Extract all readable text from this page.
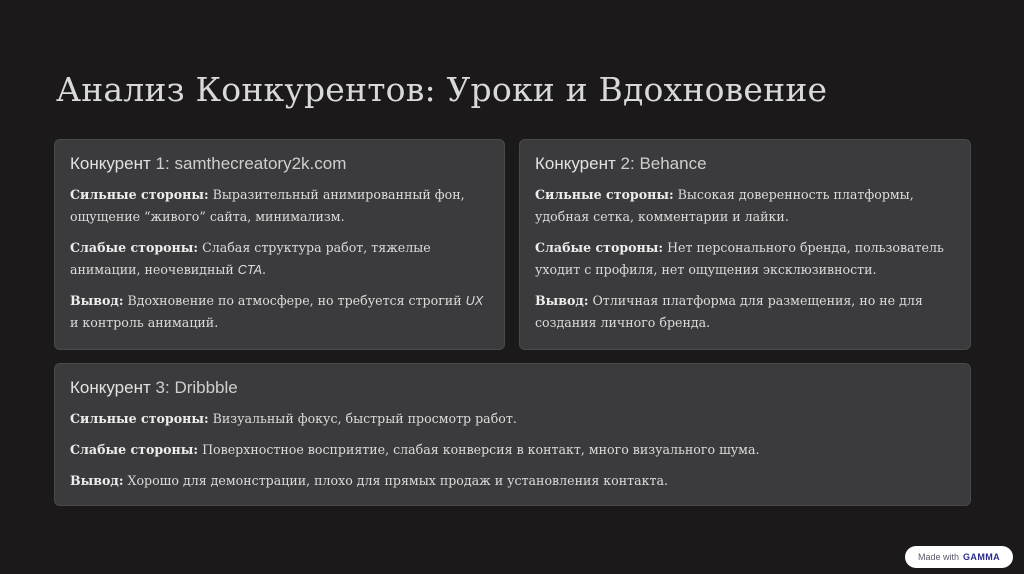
Анализ Конкурентов: Уроки и Вдохновение
Конкурент 1: samthecreatory2k.com

Сильные стороны: Выразительный анимированный фон, ощущение “живого” сайта, минимализм.

Слабые стороны: Слабая структура работ, тяжелые анимации, неочевидный CTA.

Вывод: Вдохновение по атмосфере, но требуется строгий UX и контроль анимаций.

Конкурент 2: Behance

Сильные стороны: Высокая доверенность платформы, удобная сетка, комментарии и лайки.

Слабые стороны: Нет персонального бренда, пользователь уходит с профиля, нет ощущения эксклюзивности.

Вывод: Отличная платформа для размещения, но не для создания личного бренда.

Конкурент 3: Dribbble

Сильные стороны: Визуальный фокус, быстрый просмотр работ.

Слабые стороны: Поверхностное восприятие, слабая конверсия в контакт, много визуального шума.

Вывод: Хорошо для демонстрации, плохо для прямых продаж и установления контакта.

Made with GAMMA
